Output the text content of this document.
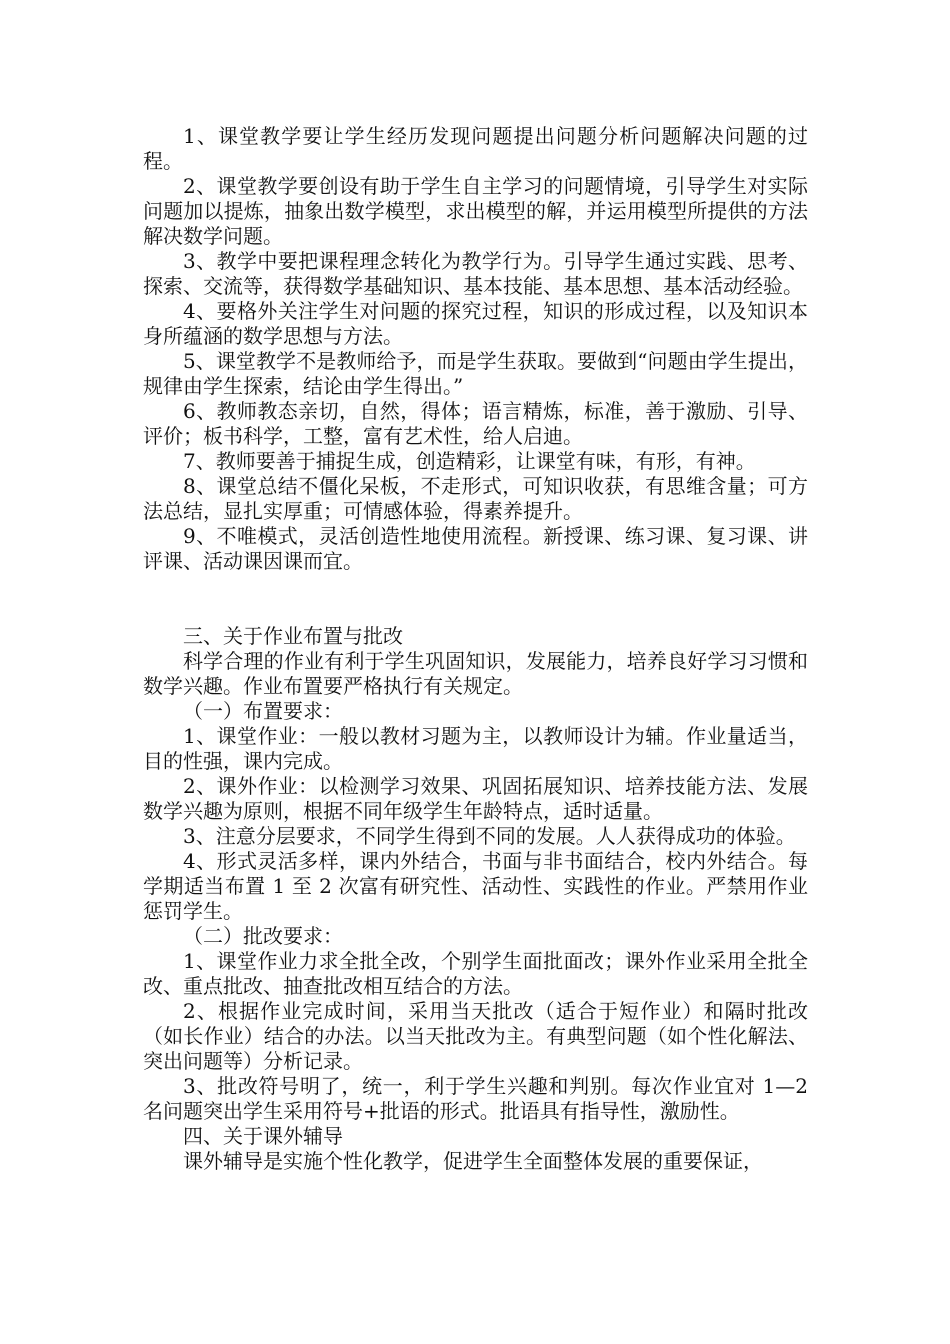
1、课堂教学要让学生经历发现问题提出问题分析问题解决问题的过程。

2、课堂教学要创设有助于学生自主学习的问题情境，引导学生对实际问题加以提炼，抽象出数学模型，求出模型的解，并运用模型所提供的方法解决数学问题。

3、教学中要把课程理念转化为教学行为。引导学生通过实践、思考、探索、交流等，获得数学基础知识、基本技能、基本思想、基本活动经验。

4、要格外关注学生对问题的探究过程，知识的形成过程，以及知识本身所蕴涵的数学思想与方法。

5、课堂教学不是教师给予，而是学生获取。要做到“问题由学生提出，规律由学生探索，结论由学生得出。”

6、教师教态亲切，自然，得体；语言精炼，标准，善于激励、引导、评价；板书科学，工整，富有艺术性，给人启迪。

7、教师要善于捕捉生成，创造精彩，让课堂有味，有形，有神。

8、课堂总结不僵化呆板，不走形式，可知识收获，有思维含量；可方法总结，显扎实厚重；可情感体验，得素养提升。

9、不唯模式，灵活创造性地使用流程。新授课、练习课、复习课、讲评课、活动课因课而宜。

三、关于作业布置与批改

科学合理的作业有利于学生巩固知识，发展能力，培养良好学习习惯和数学兴趣。作业布置要严格执行有关规定。

（一）布置要求：

1、课堂作业：一般以教材习题为主，以教师设计为辅。作业量适当，目的性强，课内完成。

2、课外作业：以检测学习效果、巩固拓展知识、培养技能方法、发展数学兴趣为原则，根据不同年级学生年龄特点，适时适量。

3、注意分层要求，不同学生得到不同的发展。人人获得成功的体验。

4、形式灵活多样，课内外结合，书面与非书面结合，校内外结合。每学期适当布置 1 至 2 次富有研究性、活动性、实践性的作业。严禁用作业惩罚学生。

（二）批改要求：

1、课堂作业力求全批全改，个别学生面批面改；课外作业采用全批全改、重点批改、抽查批改相互结合的方法。

2、根据作业完成时间，采用当天批改（适合于短作业）和隔时批改（如长作业）结合的办法。以当天批改为主。有典型问题（如个性化解法、突出问题等）分析记录。

3、批改符号明了，统一，利于学生兴趣和判别。每次作业宜对 1—2 名问题突出学生采用符号+批语的形式。批语具有指导性，激励性。

四、关于课外辅导

课外辅导是实施个性化教学，促进学生全面整体发展的重要保证，
